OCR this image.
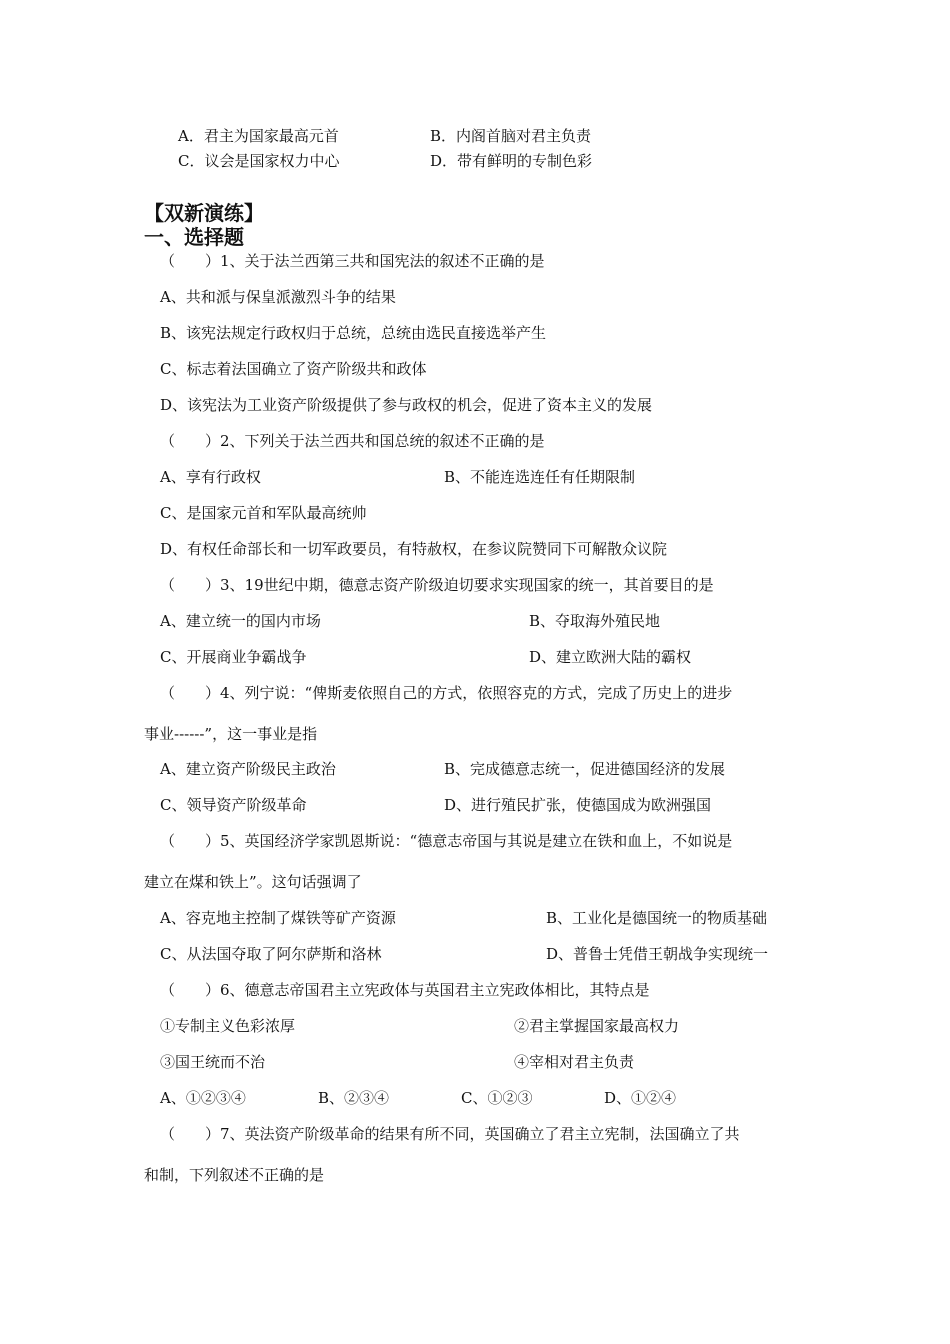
A．君主为国家最高元首	B．内阁首脑对君主负责
C．议会是国家权力中心	D．带有鲜明的专制色彩
【双新演练】
一、选择题
（　　）1、关于法兰西第三共和国宪法的叙述不正确的是
A、共和派与保皇派激烈斗争的结果
B、该宪法规定行政权归于总统，总统由选民直接选举产生
C、标志着法国确立了资产阶级共和政体
D、该宪法为工业资产阶级提供了参与政权的机会，促进了资本主义的发展
（　　）2、下列关于法兰西共和国总统的叙述不正确的是
A、享有行政权	B、不能连选连任有任期限制
C、是国家元首和军队最高统帅
D、有权任命部长和一切军政要员，有特赦权，在参议院赞同下可解散众议院
（　　）3、19世纪中期，德意志资产阶级迫切要求实现国家的统一，其首要目的是
A、建立统一的国内市场	B、夺取海外殖民地
C、开展商业争霸战争	D、建立欧洲大陆的霸权
（　　）4、列宁说：“俾斯麦依照自己的方式，依照容克的方式，完成了历史上的进步
事业------”，这一事业是指
A、建立资产阶级民主政治	B、完成德意志统一，促进德国经济的发展
C、领导资产阶级革命	D、进行殖民扩张，使德国成为欧洲强国
（　　）5、英国经济学家凯恩斯说：“德意志帝国与其说是建立在铁和血上，不如说是
建立在煤和铁上”。这句话强调了
A、容克地主控制了煤铁等矿产资源	B、工业化是德国统一的物质基础
C、从法国夺取了阿尔萨斯和洛林	D、普鲁士凭借王朝战争实现统一
（　　）6、德意志帝国君主立宪政体与英国君主立宪政体相比，其特点是
①专制主义色彩浓厚	②君主掌握国家最高权力
③国王统而不治	④宰相对君主负责
A、①②③④	B、②③④	C、①②③	D、①②④
（　　）7、英法资产阶级革命的结果有所不同，英国确立了君主立宪制，法国确立了共
和制，下列叙述不正确的是
